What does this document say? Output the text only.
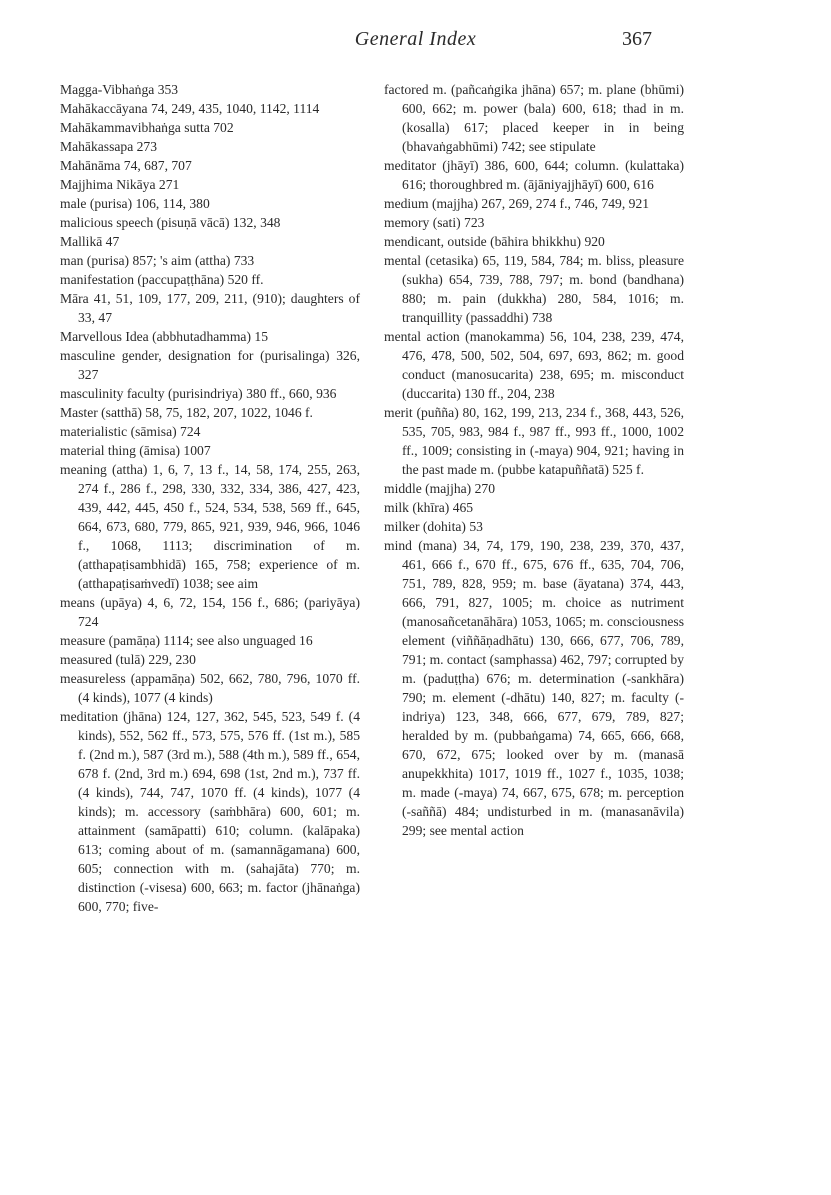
General Index	367

Magga-Vibhaṅga 353

Mahākaccāyana 74, 249, 435, 1040, 1142, 1114

Mahākammavibhaṅga sutta 702

Mahākassapa 273

Mahānāma 74, 687, 707

Majjhima Nikāya 271

male (purisa) 106, 114, 380

malicious speech (pisuṇā vācā) 132, 348

Mallikā 47

man (purisa) 857; 's aim (attha) 733

manifestation (paccupaṭṭhāna) 520 ff.

Māra 41, 51, 109, 177, 209, 211, (910); daughters of 33, 47

Marvellous Idea (abbhutadhamma) 15

masculine gender, designation for (purisalinga) 326, 327

masculinity faculty (purisindriya) 380 ff., 660, 936

Master (satthā) 58, 75, 182, 207, 1022, 1046 f.

materialistic (sāmisa) 724

material thing (āmisa) 1007

meaning (attha) 1, 6, 7, 13 f., 14, 58, 174, 255, 263, 274 f., 286 f., 298, 330, 332, 334, 386, 427, 423, 439, 442, 445, 450 f., 524, 534, 538, 569 ff., 645, 664, 673, 680, 779, 865, 921, 939, 946, 966, 1046 f., 1068, 1113; discrimination of m. (atthapaṭisambhidā) 165, 758; experience of m. (atthapaṭisaṁvedī) 1038; see aim

means (upāya) 4, 6, 72, 154, 156 f., 686; (pariyāya) 724

measure (pamāṇa) 1114; see also unguaged 16

measured (tulā) 229, 230

measureless (appamāṇa) 502, 662, 780, 796, 1070 ff. (4 kinds), 1077 (4 kinds)

meditation (jhāna) 124, 127, 362, 545, 523, 549 f. (4 kinds), 552, 562 ff., 573, 575, 576 ff. (1st m.), 585 f. (2nd m.), 587 (3rd m.), 588 (4th m.), 589 ff., 654, 678 f. (2nd, 3rd m.) 694, 698 (1st, 2nd m.), 737 ff. (4 kinds), 744, 747, 1070 ff. (4 kinds), 1077 (4 kinds); m. accessory (saṁbhāra) 600, 601; m. attainment (samāpatti) 610; column. (kalāpaka) 613; coming about of m. (samannāgamana) 600, 605; connection with m. (sahajāta) 770; m. distinction (-visesa) 600, 663; m. factor (jhānaṅga) 600, 770; five-

factored m. (pañcaṅgika jhāna) 657; m. plane (bhūmi) 600, 662; m. power (bala) 600, 618; thad in m. (kosalla) 617; placed keeper in in being (bhavaṅgabhūmi) 742; see stipulate

meditator (jhāyī) 386, 600, 644; column. (kulattaka) 616; thoroughbred m. (ājāniyajjhāyī) 600, 616

medium (majjha) 267, 269, 274 f., 746, 749, 921

memory (sati) 723

mendicant, outside (bāhira bhikkhu) 920

mental (cetasika) 65, 119, 584, 784; m. bliss, pleasure (sukha) 654, 739, 788, 797; m. bond (bandhana) 880; m. pain (dukkha) 280, 584, 1016; m. tranquillity (passaddhi) 738

mental action (manokamma) 56, 104, 238, 239, 474, 476, 478, 500, 502, 504, 697, 693, 862; m. good conduct (manosucarita) 238, 695; m. misconduct (duccarita) 130 ff., 204, 238

merit (puñña) 80, 162, 199, 213, 234 f., 368, 443, 526, 535, 705, 983, 984 f., 987 ff., 993 ff., 1000, 1002 ff., 1009; consisting in (-maya) 904, 921; having in the past made m. (pubbe katapuññatā) 525 f.

middle (majjha) 270

milk (khīra) 465

milker (dohita) 53

mind (mana) 34, 74, 179, 190, 238, 239, 370, 437, 461, 666 f., 670 ff., 675, 676 ff., 635, 704, 706, 751, 789, 828, 959; m. base (āyatana) 374, 443, 666, 791, 827, 1005; m. choice as nutriment (manosañcetanāhāra) 1053, 1065; m. consciousness element (viññāṇadhātu) 130, 666, 677, 706, 789, 791; m. contact (samphassa) 462, 797; corrupted by m. (paduṭṭha) 676; m. determination (-sankhāra) 790; m. element (-dhātu) 140, 827; m. faculty (-indriya) 123, 348, 666, 677, 679, 789, 827; heralded by m. (pubbaṅgama) 74, 665, 666, 668, 670, 672, 675; looked over by m. (manasā anupekkhita) 1017, 1019 ff., 1027 f., 1035, 1038; m. made (-maya) 74, 667, 675, 678; m. perception (-saññā) 484; undisturbed in m. (manasanāvila) 299; see mental action
